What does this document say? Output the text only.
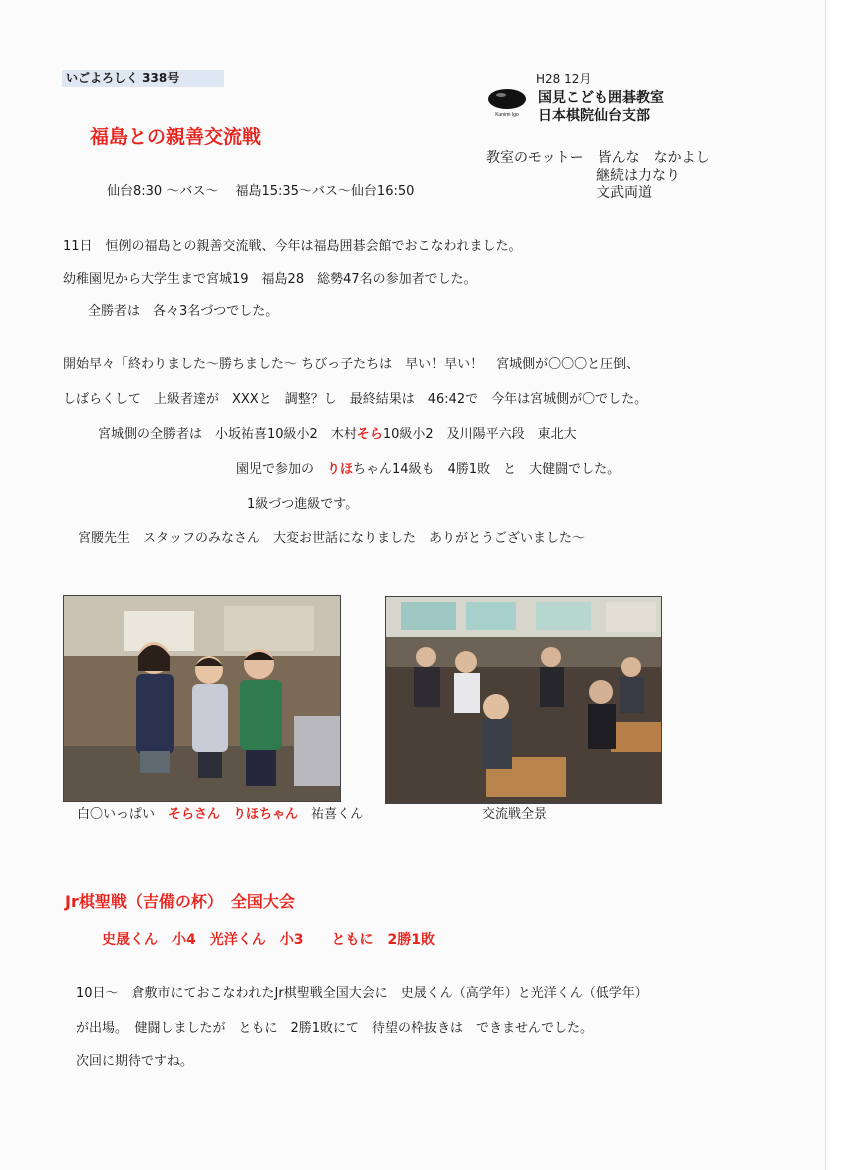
いごよろしく 338号	H28 12月
Kunimi Igo
国見こども囲碁教室
日本棋院仙台支部
福島との親善交流戦
教室のモットー　皆んな　なかよし
継続は力なり
文武両道
仙台8:30 〜バス〜　 福島15:35〜バス〜仙台16:50
11日　恒例の福島との親善交流戦、今年は福島囲碁会館でおこなわれました。
幼稚園児から大学生まで宮城19　福島28　総勢47名の参加者でした。
全勝者は　各々3名づつでした。
開始早々「終わりました〜勝ちました〜 ちびっ子たちは　早い！早い！　宮城側が〇〇〇と圧倒、
しばらくして　上級者達が　XXXと　調整？し　最終結果は　46:42で　今年は宮城側が〇でした。
宮城側の全勝者は　小坂祐喜10級小2　木村そら10級小2　及川陽平六段　東北大
園児で参加の　りほちゃん14級も　4勝1敗　と　大健闘でした。
1級づつ進級です。
宮腰先生　スタッフのみなさん　大変お世話になりました　ありがとうございました〜
白〇いっぱい　そらさん　 りほちゃん　祐喜くん	交流戦全景
Jr棋聖戦（吉備の杯）　全国大会
史晟くん　小4　光洋くん　小3　　ともに　2勝1敗
10日〜　倉敷市にておこなわれたJr棋聖戦全国大会に　史晟くん（高学年）と光洋くん（低学年）
が出場。　健闘しましたが　ともに　2勝1敗にて　待望の枠抜きは　できませんでした。
次回に期待ですね。
